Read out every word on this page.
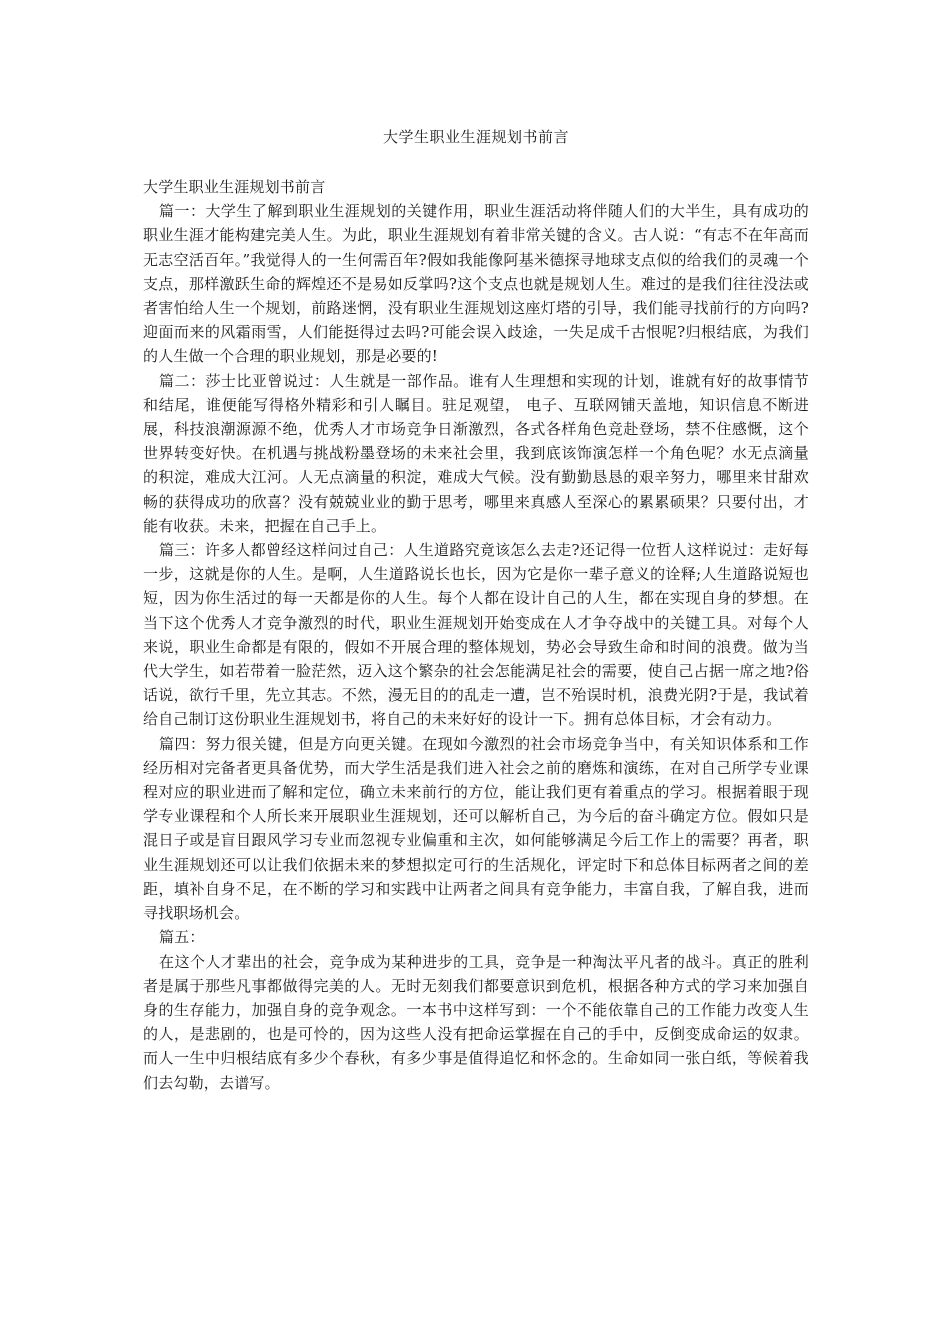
大学生职业生涯规划书前言

大学生职业生涯规划书前言

篇一：大学生了解到职业生涯规划的关键作用，职业生涯活动将伴随人们的大半生，具有成功的职业生涯才能构建完美人生。为此，职业生涯规划有着非常关键的含义。古人说：“有志不在年高而无志空活百年。”我觉得人的一生何需百年?假如我能像阿基米德探寻地球支点似的给我们的灵魂一个支点，那样激跃生命的辉煌还不是易如反掌吗?这个支点也就是规划人生。难过的是我们往往没法或者害怕给人生一个规划，前路迷惘，没有职业生涯规划这座灯塔的引导，我们能寻找前行的方向吗?迎面而来的风霜雨雪，人们能挺得过去吗?可能会误入歧途，一失足成千古恨呢?归根结底，为我们的人生做一个合理的职业规划，那是必要的!

篇二：莎士比亚曾说过：人生就是一部作品。谁有人生理想和实现的计划，谁就有好的故事情节和结尾，谁便能写得格外精彩和引人瞩目。驻足观望， 电子、互联网铺天盖地，知识信息不断进展，科技浪潮源源不绝，优秀人才市场竞争日渐激烈，各式各样角色竞赴登场，禁不住感慨，这个世界转变好快。在机遇与挑战粉墨登场的未来社会里，我到底该饰演怎样一个角色呢？水无点滴量的积淀，难成大江河。人无点滴量的积淀，难成大气候。没有勤勤恳恳的艰辛努力，哪里来甘甜欢畅的获得成功的欣喜？没有兢兢业业的勤于思考，哪里来真感人至深心的累累硕果？只要付出，才能有收获。未来，把握在自己手上。

篇三：许多人都曾经这样问过自己：人生道路究竟该怎么去走?还记得一位哲人这样说过：走好每一步，这就是你的人生。是啊，人生道路说长也长，因为它是你一辈子意义的诠释;人生道路说短也短，因为你生活过的每一天都是你的人生。每个人都在设计自己的人生，都在实现自身的梦想。在当下这个优秀人才竞争激烈的时代，职业生涯规划开始变成在人才争夺战中的关键工具。对每个人来说，职业生命都是有限的，假如不开展合理的整体规划，势必会导致生命和时间的浪费。做为当代大学生，如若带着一脸茫然，迈入这个繁杂的社会怎能满足社会的需要，使自己占据一席之地?俗话说，欲行千里，先立其志。不然，漫无目的的乱走一遭，岂不殆误时机，浪费光阴?于是，我试着给自己制订这份职业生涯规划书，将自己的未来好好的设计一下。拥有总体目标，才会有动力。

篇四：努力很关键，但是方向更关键。在现如今激烈的社会市场竞争当中，有关知识体系和工作经历相对完备者更具备优势，而大学生活是我们进入社会之前的磨炼和演练，在对自己所学专业课程对应的职业进而了解和定位，确立未来前行的方位，能让我们更有着重点的学习。根据着眼于现学专业课程和个人所长来开展职业生涯规划，还可以解析自己，为今后的奋斗确定方位。假如只是混日子或是盲目跟风学习专业而忽视专业偏重和主次，如何能够满足今后工作上的需要？再者，职业生涯规划还可以让我们依据未来的梦想拟定可行的生活规化，评定时下和总体目标两者之间的差距，填补自身不足，在不断的学习和实践中让两者之间具有竞争能力，丰富自我，了解自我，进而寻找职场机会。

篇五：

在这个人才辈出的社会，竞争成为某种进步的工具，竞争是一种淘汰平凡者的战斗。真正的胜利者是属于那些凡事都做得完美的人。无时无刻我们都要意识到危机，根据各种方式的学习来加强自身的生存能力，加强自身的竞争观念。一本书中这样写到：一个不能依靠自己的工作能力改变人生的人，是悲剧的，也是可怜的，因为这些人没有把命运掌握在自己的手中，反倒变成命运的奴隶。而人一生中归根结底有多少个春秋，有多少事是值得追忆和怀念的。生命如同一张白纸，等候着我们去勾勒，去谱写。
